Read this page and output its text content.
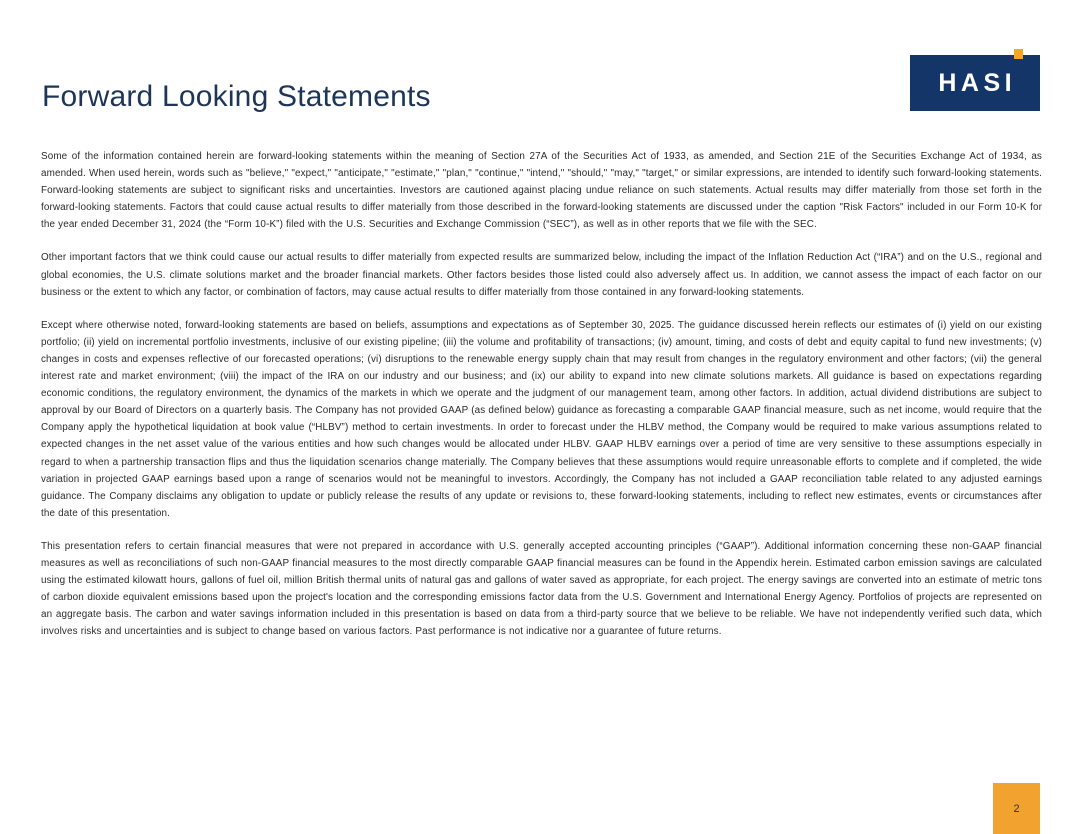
Forward Looking Statements	HASI

Some of the information contained herein are forward-looking statements within the meaning of Section 27A of the Securities Act of 1933, as amended, and Section 21E of the Securities Exchange Act of 1934, as amended. When used herein, words such as "believe," "expect," "anticipate," "estimate," "plan," "continue," "intend," "should," "may," "target," or similar expressions, are intended to identify such forward-looking statements. Forward-looking statements are subject to significant risks and uncertainties. Investors are cautioned against placing undue reliance on such statements. Actual results may differ materially from those set forth in the forward-looking statements. Factors that could cause actual results to differ materially from those described in the forward-looking statements are discussed under the caption "Risk Factors" included in our Form 10-K for the year ended December 31, 2024 (the “Form 10-K”) filed with the U.S. Securities and Exchange Commission (“SEC”), as well as in other reports that we file with the SEC.

Other important factors that we think could cause our actual results to differ materially from expected results are summarized below, including the impact of the Inflation Reduction Act (“IRA”) and on the U.S., regional and global economies, the U.S. climate solutions market and the broader financial markets. Other factors besides those listed could also adversely affect us. In addition, we cannot assess the impact of each factor on our business or the extent to which any factor, or combination of factors, may cause actual results to differ materially from those contained in any forward-looking statements.

Except where otherwise noted, forward-looking statements are based on beliefs, assumptions and expectations as of September 30, 2025. The guidance discussed herein reflects our estimates of (i) yield on our existing portfolio; (ii) yield on incremental portfolio investments, inclusive of our existing pipeline; (iii) the volume and profitability of transactions; (iv) amount, timing, and costs of debt and equity capital to fund new investments; (v) changes in costs and expenses reflective of our forecasted operations; (vi) disruptions to the renewable energy supply chain that may result from changes in the regulatory environment and other factors; (vii) the general interest rate and market environment; (viii) the impact of the IRA on our industry and our business; and (ix) our ability to expand into new climate solutions markets. All guidance is based on expectations regarding economic conditions, the regulatory environment, the dynamics of the markets in which we operate and the judgment of our management team, among other factors. In addition, actual dividend distributions are subject to approval by our Board of Directors on a quarterly basis. The Company has not provided GAAP (as defined below) guidance as forecasting a comparable GAAP financial measure, such as net income, would require that the Company apply the hypothetical liquidation at book value (“HLBV”) method to certain investments. In order to forecast under the HLBV method, the Company would be required to make various assumptions related to expected changes in the net asset value of the various entities and how such changes would be allocated under HLBV. GAAP HLBV earnings over a period of time are very sensitive to these assumptions especially in regard to when a partnership transaction flips and thus the liquidation scenarios change materially. The Company believes that these assumptions would require unreasonable efforts to complete and if completed, the wide variation in projected GAAP earnings based upon a range of scenarios would not be meaningful to investors. Accordingly, the Company has not included a GAAP reconciliation table related to any adjusted earnings guidance. The Company disclaims any obligation to update or publicly release the results of any update or revisions to, these forward-looking statements, including to reflect new estimates, events or circumstances after the date of this presentation.

This presentation refers to certain financial measures that were not prepared in accordance with U.S. generally accepted accounting principles (“GAAP”). Additional information concerning these non-GAAP financial measures as well as reconciliations of such non-GAAP financial measures to the most directly comparable GAAP financial measures can be found in the Appendix herein. Estimated carbon emission savings are calculated using the estimated kilowatt hours, gallons of fuel oil, million British thermal units of natural gas and gallons of water saved as appropriate, for each project. The energy savings are converted into an estimate of metric tons of carbon dioxide equivalent emissions based upon the project's location and the corresponding emissions factor data from the U.S. Government and International Energy Agency. Portfolios of projects are represented on an aggregate basis. The carbon and water savings information included in this presentation is based on data from a third-party source that we believe to be reliable. We have not independently verified such data, which involves risks and uncertainties and is subject to change based on various factors. Past performance is not indicative nor a guarantee of future returns.

2
